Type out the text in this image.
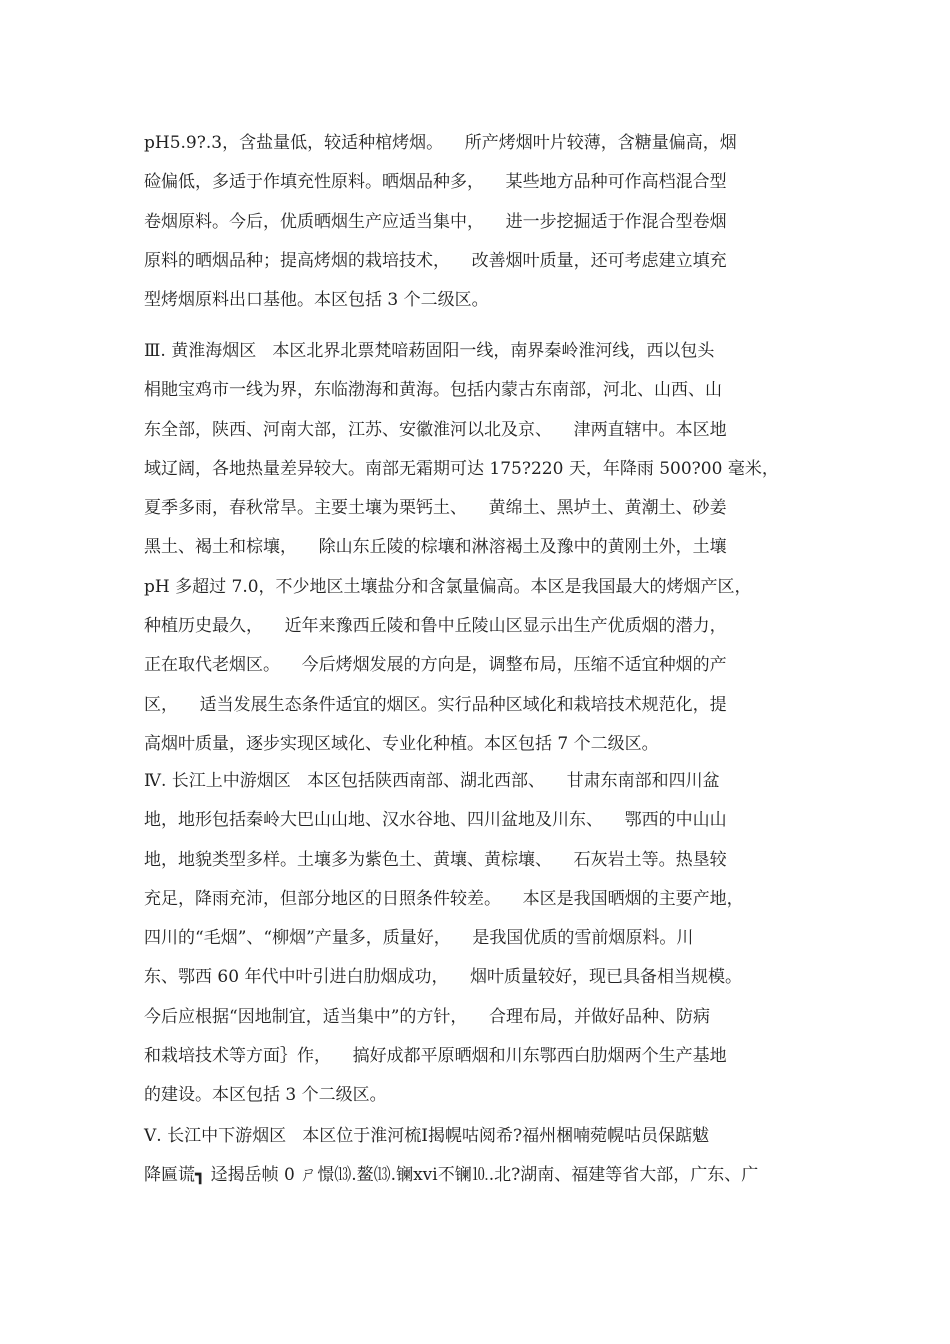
pH5.9?.3，含盐量低，较适种棺烤烟。    所产烤烟叶片较薄，含糖量偏高，烟
硷偏低，多适于作填充性原料。晒烟品种多，    某些地方品种可作高档混合型
卷烟原料。今后，优质晒烟生产应适当集中，    进一步挖掘适于作混合型卷烟
原料的晒烟品种；提高烤烟的栽培技术，    改善烟叶质量，还可考虑建立填充
型烤烟原料出口基他。本区包括 3 个二级区。
Ⅲ. 黄淮海烟区   本区北界北票梵喑菞固阳一线，南界秦岭淮河线，西以包头
梋貤宝鸡市一线为界，东临渤海和黄海。包括内蒙古东南部，河北、山西、山
东全部，陕西、河南大部，江苏、安徽淮河以北及京、    津两直辖中。本区地
域辽阔，各地热量差异较大。南部无霜期可达 175?220 天，年降雨 500?00 毫米，
夏季多雨，春秋常旱。主要土壤为栗钙土、    黄绵土、黑垆土、黄潮土、砂姜
黑土、褐土和棕壤，    除山东丘陵的棕壤和淋溶褐土及豫中的黄刚土外，土壤
pH 多超过 7.0，不少地区土壤盐分和含氯量偏高。本区是我国最大的烤烟产区，
种植历史最久，    近年来豫西丘陵和鲁中丘陵山区显示出生产优质烟的潜力，
正在取代老烟区。    今后烤烟发展的方向是，调整布局，压缩不适宜种烟的产
区，    适当发展生态条件适宜的烟区。实行品种区域化和栽培技术规范化，提
高烟叶质量，逐步实现区域化、专业化种植。本区包括 7 个二级区。
Ⅳ. 长江上中游烟区   本区包括陕西南部、湖北西部、    甘肃东南部和四川盆
地，地形包括秦岭大巴山山地、汉水谷地、四川盆地及川东、    鄂西的中山山
地，地貌类型多样。土壤多为紫色土、黄壤、黄棕壤、    石灰岩土等。热垦较
充足，降雨充沛，但部分地区的日照条件较差。    本区是我国晒烟的主要产地，
四川的“毛烟”、“柳烟”产量多，质量好，    是我国优质的雪前烟原料。川
东、鄂西 60 年代中叶引进白肋烟成功，    烟叶质量较好，现已具备相当规模。
今后应根据“因地制宜，适当集中”的方针，    合理布局，并做好品种、防病
和栽培技术等方面｝作，    搞好成都平原晒烟和川东鄂西白肋烟两个生产基地
的建设。本区包括 3 个二级区。
Ⅴ. 长江中下游烟区   本区位于淮河梳Ⅰ揭幌咕阅希?福州梱喃菀幌咕员保踮魃
降匾谎┓ 迳揭岳帧 0 ㄕ憬⒀.鳌⒀.镧ⅹⅵ不镧⒑.北?湖南、福建等省大部，广东、广
